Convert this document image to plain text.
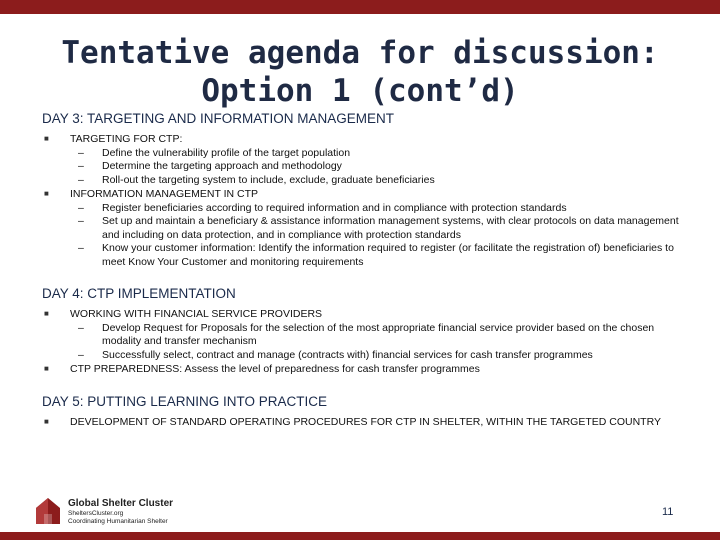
Tentative agenda for discussion:
Option 1 (cont’d)
DAY 3: TARGETING AND INFORMATION MANAGEMENT
■ TARGETING FOR CTP:
– Define the vulnerability profile of the target population
– Determine the targeting approach and methodology
– Roll-out the targeting system to include, exclude, graduate beneficiaries
■ INFORMATION MANAGEMENT IN CTP
– Register beneficiaries according to required information and in compliance with protection standards
– Set up and maintain a beneficiary & assistance information management systems, with clear protocols on data management and including on data protection, and in compliance with protection standards
– Know your customer information: Identify the information required to register (or facilitate the registration of) beneficiaries to meet Know Your Customer and monitoring requirements
DAY 4: CTP IMPLEMENTATION
■ WORKING WITH FINANCIAL SERVICE PROVIDERS
– Develop Request for Proposals for the selection of the most appropriate financial service provider based on the chosen modality and transfer mechanism
– Successfully select, contract and manage (contracts with) financial services for cash transfer programmes
■ CTP PREPAREDNESS: Assess the level of preparedness for cash transfer programmes
DAY 5: PUTTING LEARNING INTO PRACTICE
■ DEVELOPMENT OF STANDARD OPERATING PROCEDURES FOR CTP IN SHELTER, WITHIN THE TARGETED COUNTRY
Global Shelter Cluster
SheltersCluster.org
Coordinating Humanitarian Shelter
11
